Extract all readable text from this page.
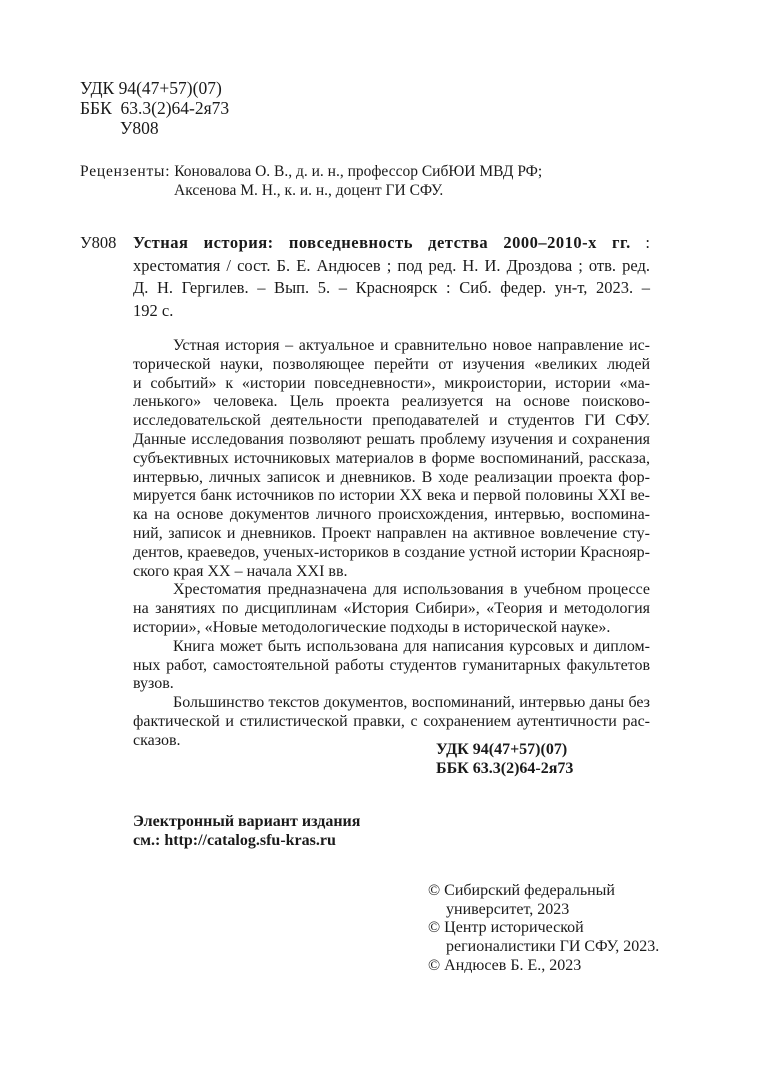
УДК 94(47+57)(07)
ББК  63.3(2)64-2я73
У808
Рецензенты: Коновалова О. В., д. и. н., профессор СибЮИ МВД РФ;
Аксенова М. Н., к. и. н., доцент ГИ СФУ.
У808 Устная история: повседневность детства 2000–2010-х гг. :
хрестоматия / сост. Б. Е. Андюсев ; под ред. Н. И. Дроздова ; отв. ред.
Д. Н. Гергилев. – Вып. 5. – Красноярск : Сиб. федер. ун-т, 2023. –
192 с.
Устная история – актуальное и сравнительно новое направление ис-
торической науки, позволяющее перейти от изучения «великих людей
и событий» к «истории повседневности», микроистории, истории «ма-
ленького» человека. Цель проекта реализуется на основе поисково-
исследовательской деятельности преподавателей и студентов ГИ СФУ.
Данные исследования позволяют решать проблему изучения и сохранения
субъективных источниковых материалов в форме воспоминаний, рассказа,
интервью, личных записок и дневников. В ходе реализации проекта фор-
мируется банк источников по истории XX века и первой половины XXI ве-
ка на основе документов личного происхождения, интервью, воспомина-
ний, записок и дневников. Проект направлен на активное вовлечение сту-
дентов, краеведов, ученых-историков в создание устной истории Краснояр-
ского края XX – начала XXI вв.
Хрестоматия предназначена для использования в учебном процессе
на занятиях по дисциплинам «История Сибири», «Теория и методология
истории», «Новые методологические подходы в исторической науке».
Книга может быть использована для написания курсовых и диплом-
ных работ, самостоятельной работы студентов гуманитарных факультетов
вузов.
Большинство текстов документов, воспоминаний, интервью даны без
фактической и стилистической правки, с сохранением аутентичности рас-
сказов.
УДК 94(47+57)(07)
ББК 63.3(2)64-2я73
Электронный вариант издания
см.: http://catalog.sfu-kras.ru
© Сибирский федеральный
университет, 2023
© Центр исторической
регионалистики ГИ СФУ, 2023.
© Андюсев Б. Е., 2023
